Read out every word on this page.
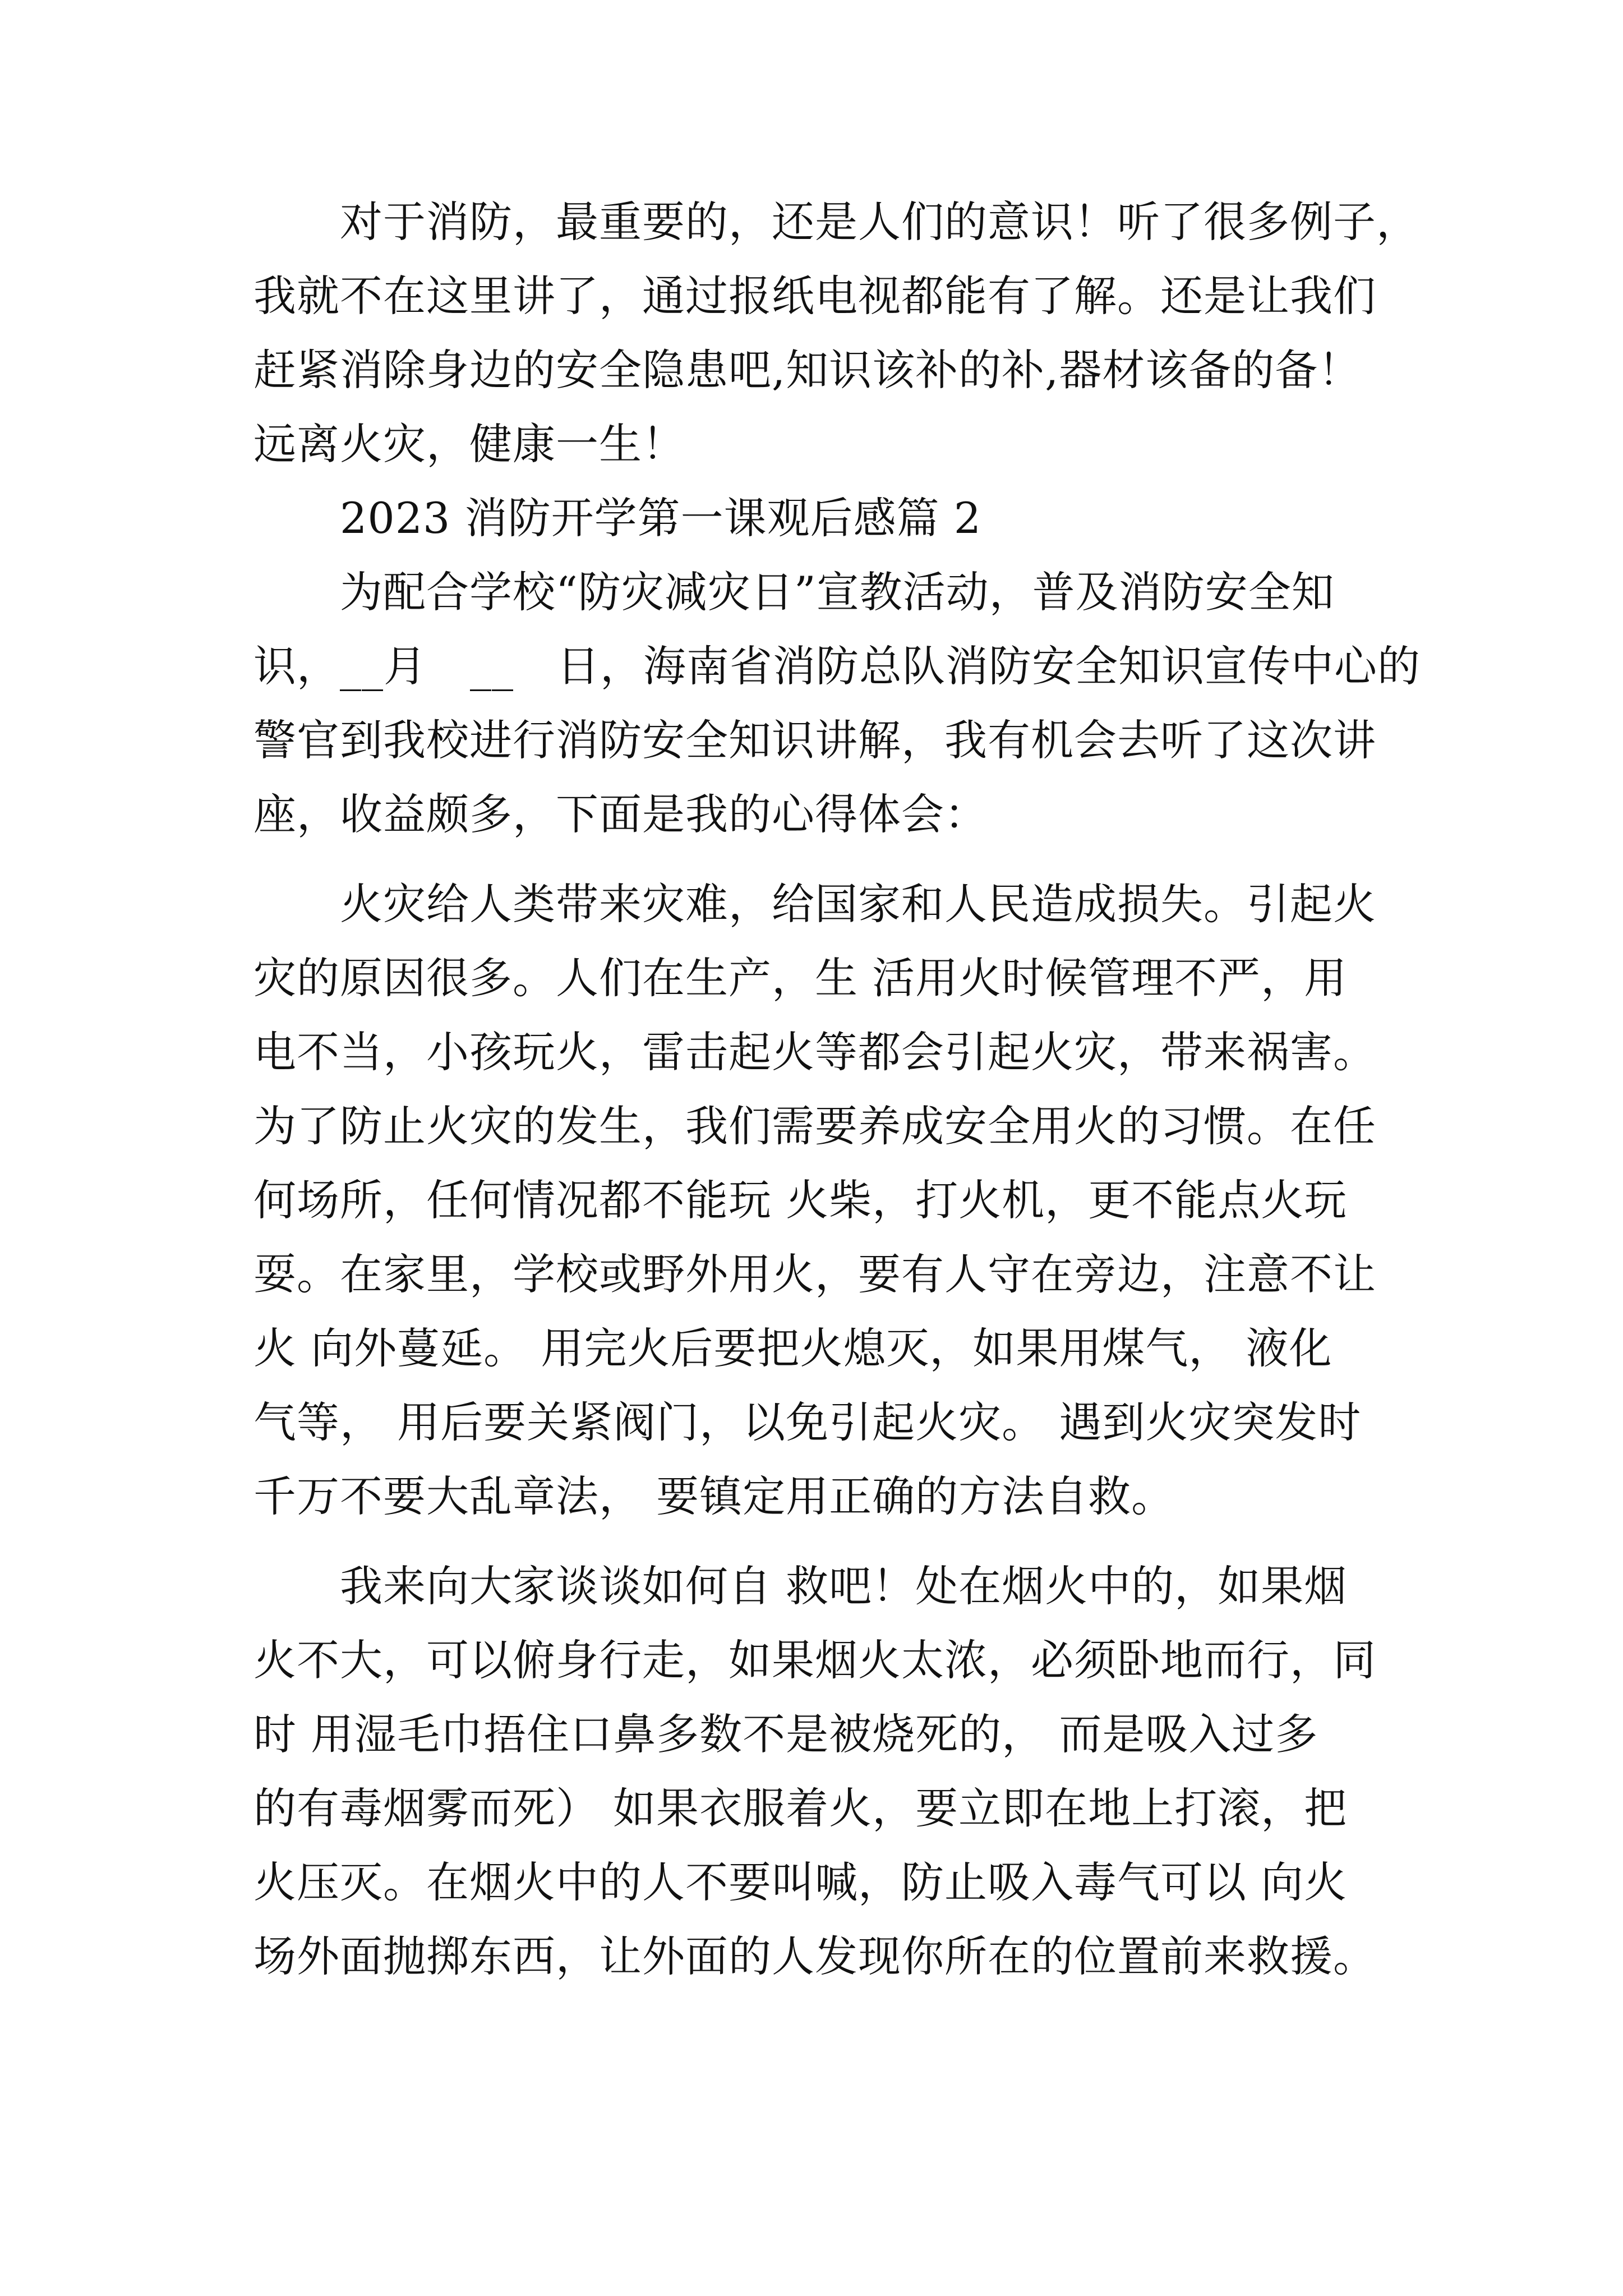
　　对于消防，最重要的，还是人们的意识！听了很多例子，
我就不在这里讲了，通过报纸电视都能有了解。还是让我们
赶紧消除身边的安全隐患吧,知识该补的补,器材该备的备！
远离火灾，健康一生！
　　2023 消防开学第一课观后感篇 2
　　为配合学校“防灾减灾日”宣教活动，普及消防安全知
识，__月　__　日，海南省消防总队消防安全知识宣传中心的
警官到我校进行消防安全知识讲解，我有机会去听了这次讲
座，收益颇多，下面是我的心得体会：
　　火灾给人类带来灾难，给国家和人民造成损失。引起火
灾的原因很多。人们在生产，生 活用火时候管理不严，用
电不当，小孩玩火，雷击起火等都会引起火灾，带来祸害。
为了防止火灾的发生，我们需要养成安全用火的习惯。在任
何场所，任何情况都不能玩 火柴，打火机，更不能点火玩
耍。在家里，学校或野外用火，要有人守在旁边，注意不让
火 向外蔓延。 用完火后要把火熄灭，如果用煤气， 液化
气等， 用后要关紧阀门，以免引起火灾。 遇到火灾突发时
千万不要大乱章法， 要镇定用正确的方法自救。
　　我来向大家谈谈如何自 救吧！处在烟火中的，如果烟
火不大，可以俯身行走，如果烟火太浓，必须卧地而行，同
时 用湿毛巾捂住口鼻多数不是被烧死的， 而是吸入过多
的有毒烟雾而死） 如果衣服着火，要立即在地上打滚，把
火压灭。在烟火中的人不要叫喊，防止吸入毒气可以 向火
场外面抛掷东西，让外面的人发现你所在的位置前来救援。
